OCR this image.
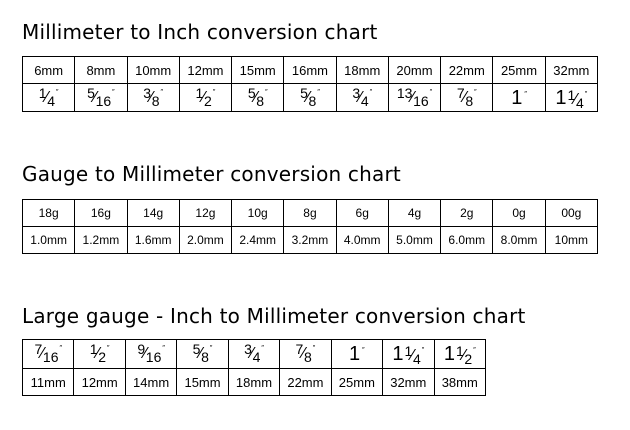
Millimeter to Inch conversion chart
6mm	8mm	10mm	12mm	15mm	16mm	18mm	20mm	22mm	25mm	32mm
1⁄4″	5⁄16″	3⁄8″	1⁄2″	5⁄8″	5⁄8″	3⁄4″	13⁄16″	7⁄8″	1 ″	11⁄4″
Gauge to Millimeter conversion chart
18g	16g	14g	12g	10g	8g	6g	4g	2g	0g	00g
1.0mm	1.2mm	1.6mm	2.0mm	2.4mm	3.2mm	4.0mm	5.0mm	6.0mm	8.0mm	10mm
Large gauge - Inch to Millimeter conversion chart
7⁄16″	1⁄2″	9⁄16″	5⁄8″	3⁄4″	7⁄8″	1 ″	11⁄4″	11⁄2″
11mm	12mm	14mm	15mm	18mm	22mm	25mm	32mm	38mm
